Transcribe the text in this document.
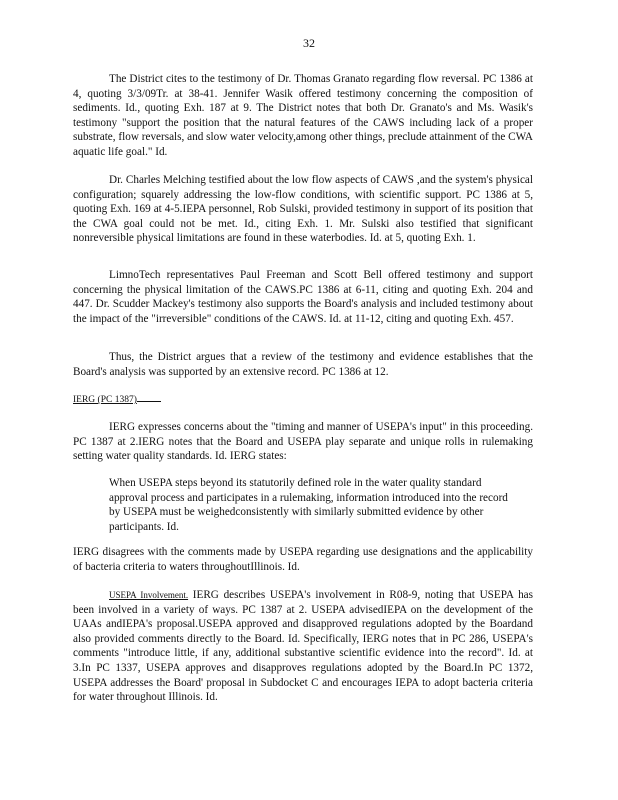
32

The District cites to the testimony of Dr. Thomas Granato regarding flow reversal. PC 1386 at 4, quoting 3/3/09Tr. at 38-41. Jennifer Wasik offered testimony concerning the composition of sediments. Id., quoting Exh. 187 at 9. The District notes that both Dr. Granato's and Ms. Wasik's testimony "support the position that the natural features of the CAWS including lack of a proper substrate, flow reversals, and slow water velocity,among other things, preclude attainment of the CWA aquatic life goal." Id.

Dr. Charles Melching testified about the low flow aspects of CAWS ,and the system's physical configuration; squarely addressing the low-flow conditions, with scientific support. PC 1386 at 5, quoting Exh. 169 at 4-5.IEPA personnel, Rob Sulski, provided testimony in support of its position that the CWA goal could not be met. Id., citing Exh. 1. Mr. Sulski also testified that significant nonreversible physical limitations are found in these waterbodies. Id. at 5, quoting Exh. 1.

LimnoTech representatives Paul Freeman and Scott Bell offered testimony and support concerning the physical limitation of the CAWS.PC 1386 at 6-11, citing and quoting Exh. 204 and 447. Dr. Scudder Mackey's testimony also supports the Board's analysis and included testimony about the impact of the "irreversible" conditions of the CAWS. Id. at 11-12, citing and quoting Exh. 457.

Thus, the District argues that a review of the testimony and evidence establishes that the Board's analysis was supported by an extensive record. PC 1386 at 12.

IERG (PC 1387)

IERG expresses concerns about the "timing and manner of USEPA's input" in this proceeding. PC 1387 at 2.IERG notes that the Board and USEPA play separate and unique rolls in rulemaking setting water quality standards. Id. IERG states:

When USEPA steps beyond its statutorily defined role in the water quality standard approval process and participates in a rulemaking, information introduced into the record by USEPA must be weighedconsistently with similarly submitted evidence by other participants. Id.

IERG disagrees with the comments made by USEPA regarding use designations and the applicability of bacteria criteria to waters throughoutIllinois. Id.

USEPA Involvement. IERG describes USEPA's involvement in R08-9, noting that USEPA has been involved in a variety of ways. PC 1387 at 2. USEPA advisedIEPA on the development of the UAAs andIEPA's proposal.USEPA approved and disapproved regulations adopted by the Boardand also provided comments directly to the Board. Id. Specifically, IERG notes that in PC 286, USEPA's comments "introduce little, if any, additional substantive scientific evidence into the record". Id. at 3.In PC 1337, USEPA approves and disapproves regulations adopted by the Board.In PC 1372, USEPA addresses the Board' proposal in Subdocket C and encourages IEPA to adopt bacteria criteria for water throughout Illinois. Id.
